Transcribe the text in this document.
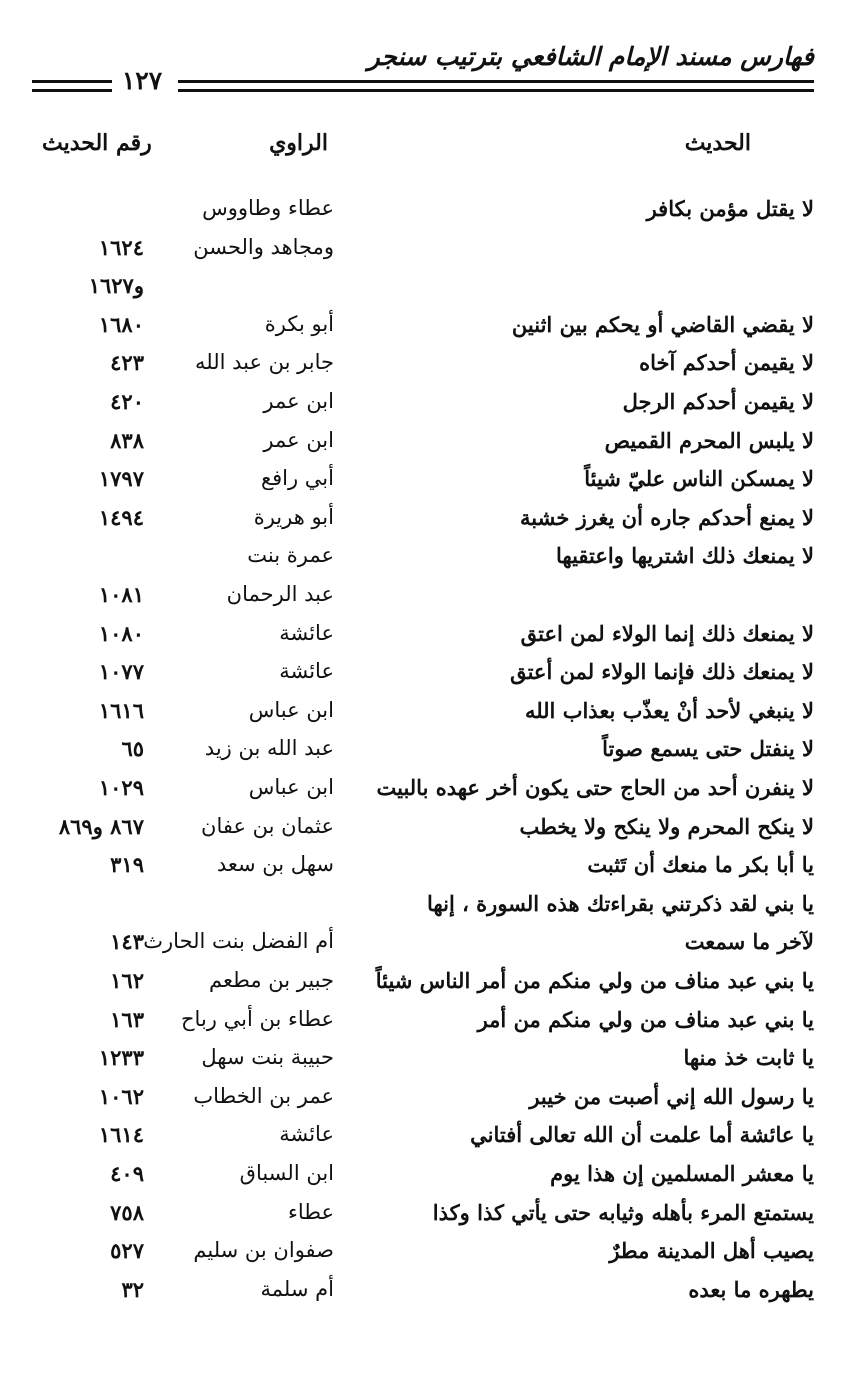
فهارس مسند الإمام الشافعي بترتيب سنجر
١٢٧
الحديث
الراوي
رقم الحديث
لا يقتل مؤمن بكافر
عطاء وطاووس
ومجاهد والحسن
١٦٢٤
و١٦٢٧
لا يقضي القاضي أو يحكم بين اثنين
أبو بكرة
١٦٨٠
لا يقيمن أحدكم آخاه
جابر بن عبد الله
٤٢٣
لا يقيمن أحدكم الرجل
ابن عمر
٤٢٠
لا يلبس المحرم القميص
ابن عمر
٨٣٨
لا يمسكن الناس عليّ شيئاً
أبي رافع
١٧٩٧
لا يمنع أحدكم جاره أن يغرز خشبة
أبو هريرة
١٤٩٤
لا يمنعك ذلك اشتريها واعتقيها
عمرة بنت
عبد الرحمان
١٠٨١
لا يمنعك ذلك إنما الولاء لمن اعتق
عائشة
١٠٨٠
لا يمنعك ذلك فإنما الولاء لمن أعتق
عائشة
١٠٧٧
لا ينبغي لأحد أنْ يعذّب بعذاب الله
ابن عباس
١٦١٦
لا ينفتل حتى يسمع صوتاً
عبد الله بن زيد
٦٥
لا ينفرن أحد من الحاج حتى يكون أخر عهده بالبيت
ابن عباس
١٠٢٩
لا ينكح المحرم ولا ينكح ولا يخطب
عثمان بن عفان
٨٦٧ و٨٦٩
يا أبا بكر ما منعك أن تَثبت
سهل بن سعد
٣١٩
يا بني لقد ذكرتني بقراءتك هذه السورة ، إنها
لآخر ما سمعت
أم الفضل بنت الحارث
١٤٣
يا بني عبد مناف من ولي منكم من أمر الناس شيئاً
جبير بن مطعم
١٦٢
يا بني عبد مناف من ولي منكم من أمر
عطاء بن أبي رباح
١٦٣
يا ثابت خذ منها
حبيبة بنت سهل
١٢٣٣
يا رسول الله إني أصبت من خيبر
عمر بن الخطاب
١٠٦٢
يا عائشة أما علمت أن الله تعالى أفتاني
عائشة
١٦١٤
يا معشر المسلمين إن هذا يوم
ابن السباق
٤٠٩
يستمتع المرء بأهله وثيابه حتى يأتي كذا وكذا
عطاء
٧٥٨
يصيب أهل المدينة مطرٌ
صفوان بن سليم
٥٢٧
يطهره ما بعده
أم سلمة
٣٢
